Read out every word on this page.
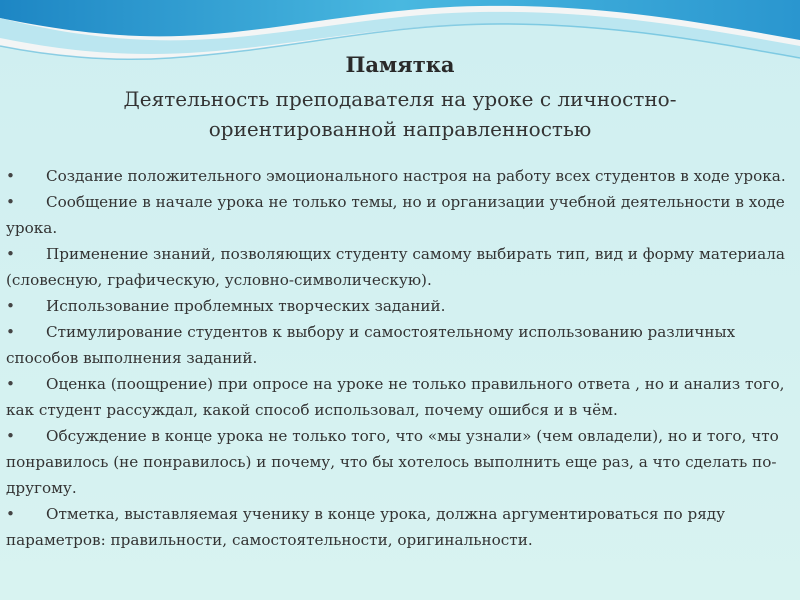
Памятка
Деятельность преподавателя на уроке с личностно-ориентированной направленностью
• Создание положительного эмоционального настроя на работу всех студентов в ходе урока.
• Сообщение в начале урока не только темы, но и организации учебной деятельности в ходе урока.
• Применение знаний, позволяющих студенту самому выбирать тип, вид и форму материала (словесную, графическую, условно-символическую).
• Использование проблемных творческих заданий.
• Стимулирование студентов к выбору и самостоятельному использованию различных способов выполнения заданий.
• Оценка (поощрение) при опросе на уроке не только правильного ответа , но и анализ того, как студент рассуждал, какой способ использовал, почему ошибся и в чём.
• Обсуждение в конце урока не только того, что «мы узнали» (чем овладели), но и того, что понравилось (не понравилось) и почему, что бы хотелось выполнить еще раз, а что сделать по-другому.
• Отметка, выставляемая ученику в конце урока, должна аргументироваться по ряду параметров: правильности, самостоятельности, оригинальности.
